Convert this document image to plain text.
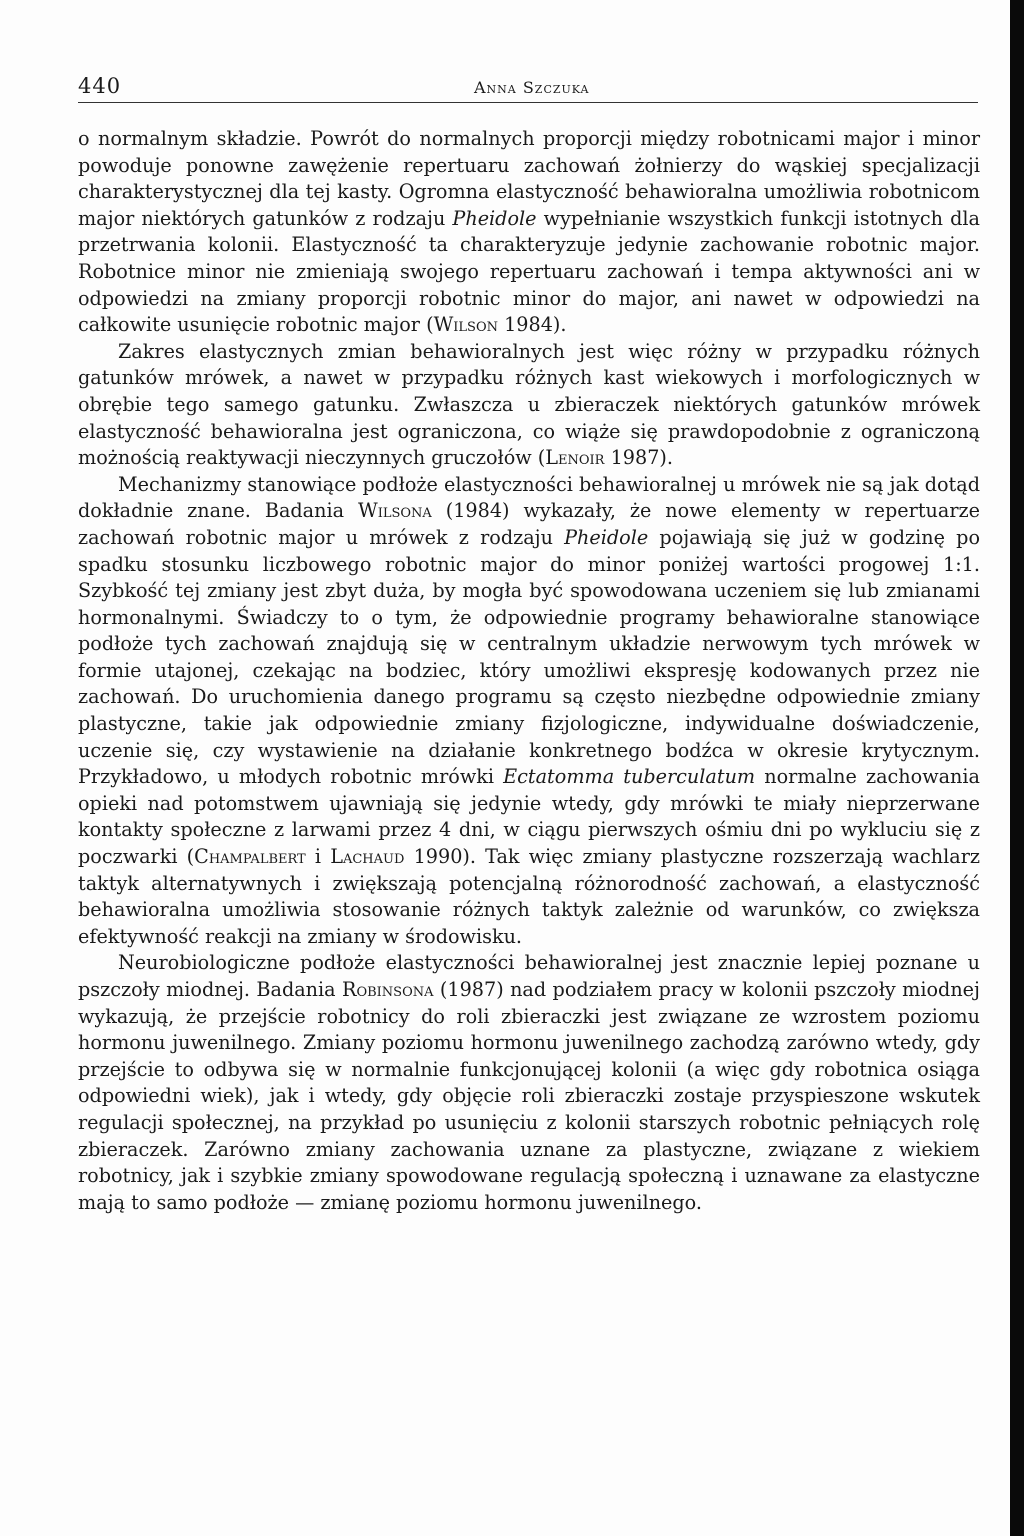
440	Anna Szczuka

o normalnym składzie. Powrót do normalnych proporcji między robotnicami major i minor powoduje ponowne zawężenie repertuaru zachowań żołnierzy do wąskiej specjalizacji charakterystycznej dla tej kasty. Ogromna elastyczność behawioralna umożliwia robotnicom major niektórych gatunków z rodzaju Pheidole wypełnianie wszystkich funkcji istotnych dla przetrwania kolonii. Elastyczność ta charakteryzuje jedynie zachowanie robotnic major. Robotnice minor nie zmieniają swojego repertuaru zachowań i tempa aktywności ani w odpowiedzi na zmiany proporcji robotnic minor do major, ani nawet w odpowiedzi na całkowite usunięcie robotnic major (Wilson 1984).

Zakres elastycznych zmian behawioralnych jest więc różny w przypadku różnych gatunków mrówek, a nawet w przypadku różnych kast wiekowych i morfologicznych w obrębie tego samego gatunku. Zwłaszcza u zbieraczek niektórych gatunków mrówek elastyczność behawioralna jest ograniczona, co wiąże się prawdopodobnie z ograniczoną możnością reaktywacji nieczynnych gruczołów (Lenoir 1987).

Mechanizmy stanowiące podłoże elastyczności behawioralnej u mrówek nie są jak dotąd dokładnie znane. Badania Wilsona (1984) wykazały, że nowe elementy w repertuarze zachowań robotnic major u mrówek z rodzaju Pheidole pojawiają się już w godzinę po spadku stosunku liczbowego robotnic major do minor poniżej wartości progowej 1:1. Szybkość tej zmiany jest zbyt duża, by mogła być spowodowana uczeniem się lub zmianami hormonalnymi. Świadczy to o tym, że odpowiednie programy behawioralne stanowiące podłoże tych zachowań znajdują się w centralnym układzie nerwowym tych mrówek w formie utajonej, czekając na bodziec, który umożliwi ekspresję kodowanych przez nie zachowań. Do uruchomienia danego programu są często niezbędne odpowiednie zmiany plastyczne, takie jak odpowiednie zmiany fizjologiczne, indywidualne doświadczenie, uczenie się, czy wystawienie na działanie konkretnego bodźca w okresie krytycznym. Przykładowo, u młodych robotnic mrówki Ectatomma tuberculatum normalne zachowania opieki nad potomstwem ujawniają się jedynie wtedy, gdy mrówki te miały nieprzerwane kontakty społeczne z larwami przez 4 dni, w ciągu pierwszych ośmiu dni po wykluciu się z poczwarki (Champalbert i Lachaud 1990). Tak więc zmiany plastyczne rozszerzają wachlarz taktyk alternatywnych i zwiększają potencjalną różnorodność zachowań, a elastyczność behawioralna umożliwia stosowanie różnych taktyk zależnie od warunków, co zwiększa efektywność reakcji na zmiany w środowisku.

Neurobiologiczne podłoże elastyczności behawioralnej jest znacznie lepiej poznane u pszczoły miodnej. Badania Robinsona (1987) nad podziałem pracy w kolonii pszczoły miodnej wykazują, że przejście robotnicy do roli zbieraczki jest związane ze wzrostem poziomu hormonu juwenilnego. Zmiany poziomu hormonu juwenilnego zachodzą zarówno wtedy, gdy przejście to odbywa się w normalnie funkcjonującej kolonii (a więc gdy robotnica osiąga odpowiedni wiek), jak i wtedy, gdy objęcie roli zbieraczki zostaje przyspieszone wskutek regulacji społecznej, na przykład po usunięciu z kolonii starszych robotnic pełniących rolę zbieraczek. Zarówno zmiany zachowania uznane za plastyczne, związane z wiekiem robotnicy, jak i szybkie zmiany spowodowane regulacją społeczną i uznawane za elastyczne mają to samo podłoże — zmianę poziomu hormonu juwenilnego.
